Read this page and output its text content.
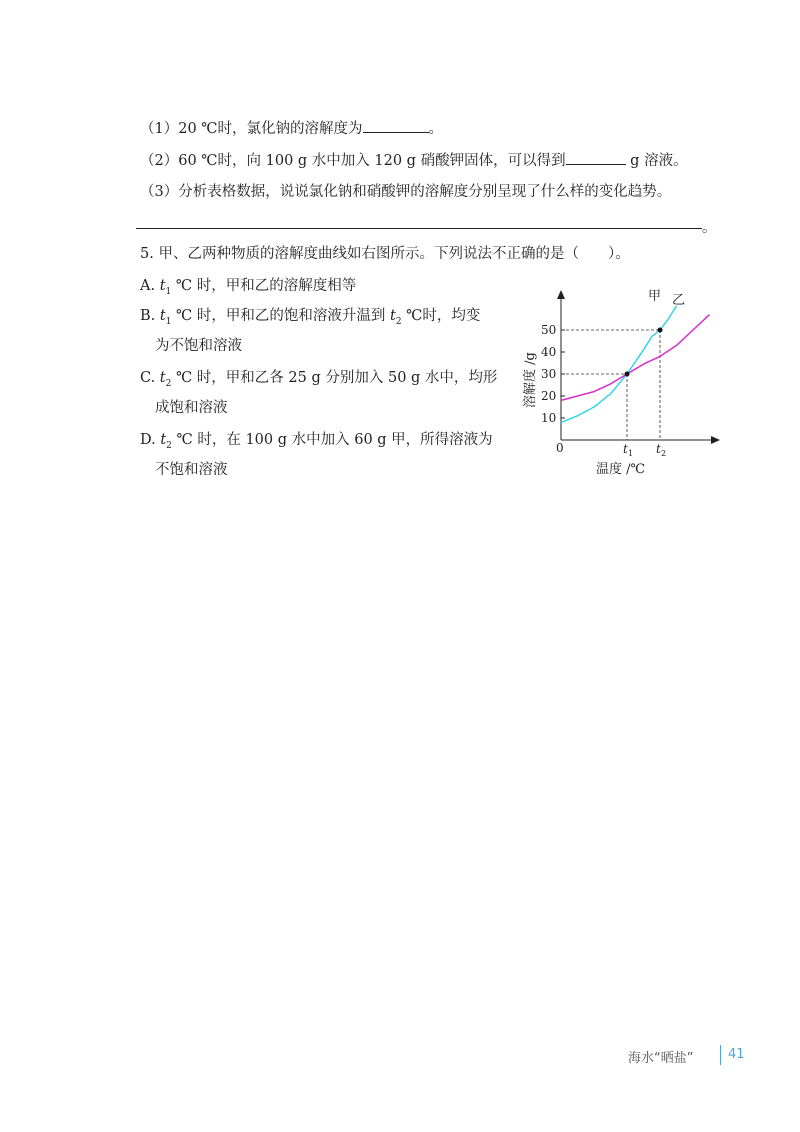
（1）20 ℃时，氯化钠的溶解度为	。
（2）60 ℃时，向 100 g 水中加入 120 g 硝酸钾固体，可以得到	g 溶液。
（3）分析表格数据，说说氯化钠和硝酸钾的溶解度分别呈现了什么样的变化趋势。
。
5. 甲、乙两种物质的溶解度曲线如右图所示。下列说法不正确的是（　　）。
A. $t_1$ ℃ 时，甲和乙的溶解度相等
B. $t_1$ ℃ 时，甲和乙的饱和溶液升温到 $t_2$ ℃时，均变
为不饱和溶液
C. $t_2$ ℃ 时，甲和乙各 25 g 分别加入 50 g 水中，均形
成饱和溶液
D. $t_2$ ℃ 时，在 100 g 水中加入 60 g 甲，所得溶液为
不饱和溶液
10
20
30
40
50
t 1 t 2
0
溶解度 /g
温度 /℃
甲 乙
海水“晒盐”	41
